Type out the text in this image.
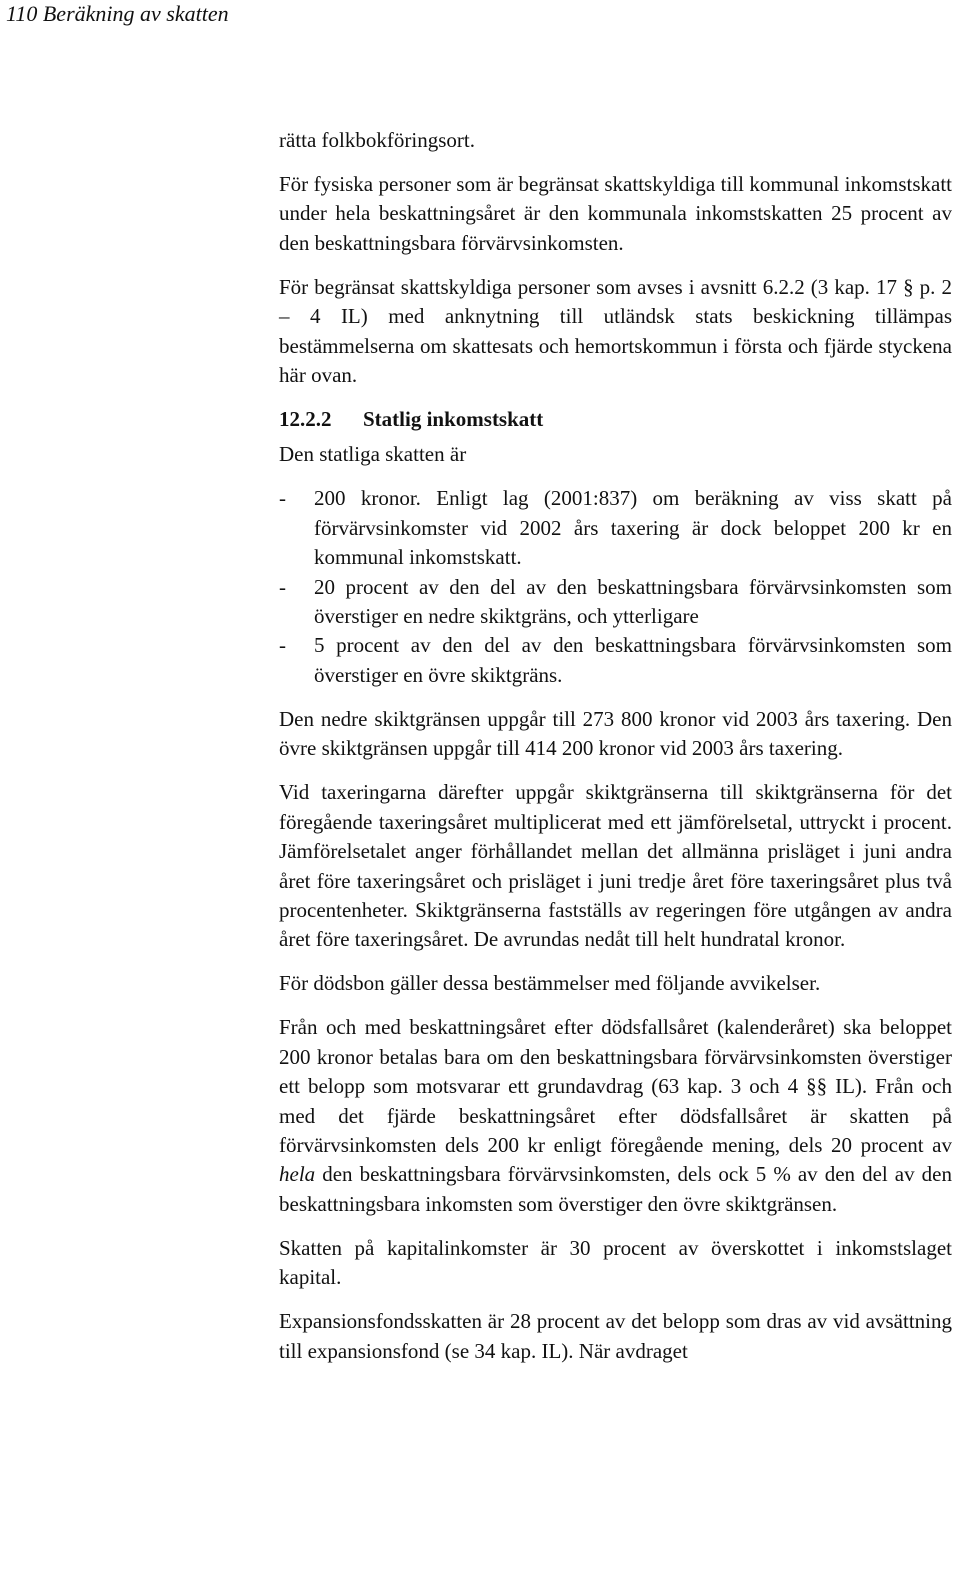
110 Beräkning av skatten

rätta folkbokföringsort.

För fysiska personer som är begränsat skattskyldiga till kommunal inkomstskatt under hela beskattningsåret är den kommunala inkomstskatten 25 procent av den beskattningsbara förvärvsinkomsten.

För begränsat skattskyldiga personer som avses i avsnitt 6.2.2 (3 kap. 17 § p. 2 – 4 IL) med anknytning till utländsk stats beskickning tillämpas bestämmelserna om skattesats och hemortskommun i första och fjärde styckena här ovan.

12.2.2 Statlig inkomstskatt

Den statliga skatten är

- 200 kronor. Enligt lag (2001:837) om beräkning av viss skatt på förvärvsinkomster vid 2002 års taxering är dock beloppet 200 kr en kommunal inkomstskatt.
- 20 procent av den del av den beskattningsbara förvärvsinkomsten som överstiger en nedre skiktgräns, och ytterligare
- 5 procent av den del av den beskattningsbara förvärvsinkomsten som överstiger en övre skiktgräns.

Den nedre skiktgränsen uppgår till 273 800 kronor vid 2003 års taxering. Den övre skiktgränsen uppgår till 414 200 kronor vid 2003 års taxering.

Vid taxeringarna därefter uppgår skiktgränserna till skiktgränserna för det föregående taxeringsåret multiplicerat med ett jämförelsetal, uttryckt i procent. Jämförelsetalet anger förhållandet mellan det allmänna prisläget i juni andra året före taxeringsåret och prisläget i juni tredje året före taxeringsåret plus två procentenheter. Skiktgränserna fastställs av regeringen före utgången av andra året före taxeringsåret. De avrundas nedåt till helt hundratal kronor.

För dödsbon gäller dessa bestämmelser med följande avvikelser.

Från och med beskattningsåret efter dödsfallsåret (kalenderåret) ska beloppet 200 kronor betalas bara om den beskattningsbara förvärvsinkomsten överstiger ett belopp som motsvarar ett grundavdrag (63 kap. 3 och 4 §§ IL). Från och med det fjärde beskattningsåret efter dödsfallsåret är skatten på förvärvsinkomsten dels 200 kr enligt föregående mening, dels 20 procent av hela den beskattningsbara förvärvsinkomsten, dels ock 5 % av den del av den beskattningsbara inkomsten som överstiger den övre skiktgränsen.

Skatten på kapitalinkomster är 30 procent av överskottet i inkomstslaget kapital.

Expansionsfondsskatten är 28 procent av det belopp som dras av vid avsättning till expansionsfond (se 34 kap. IL). När avdraget
